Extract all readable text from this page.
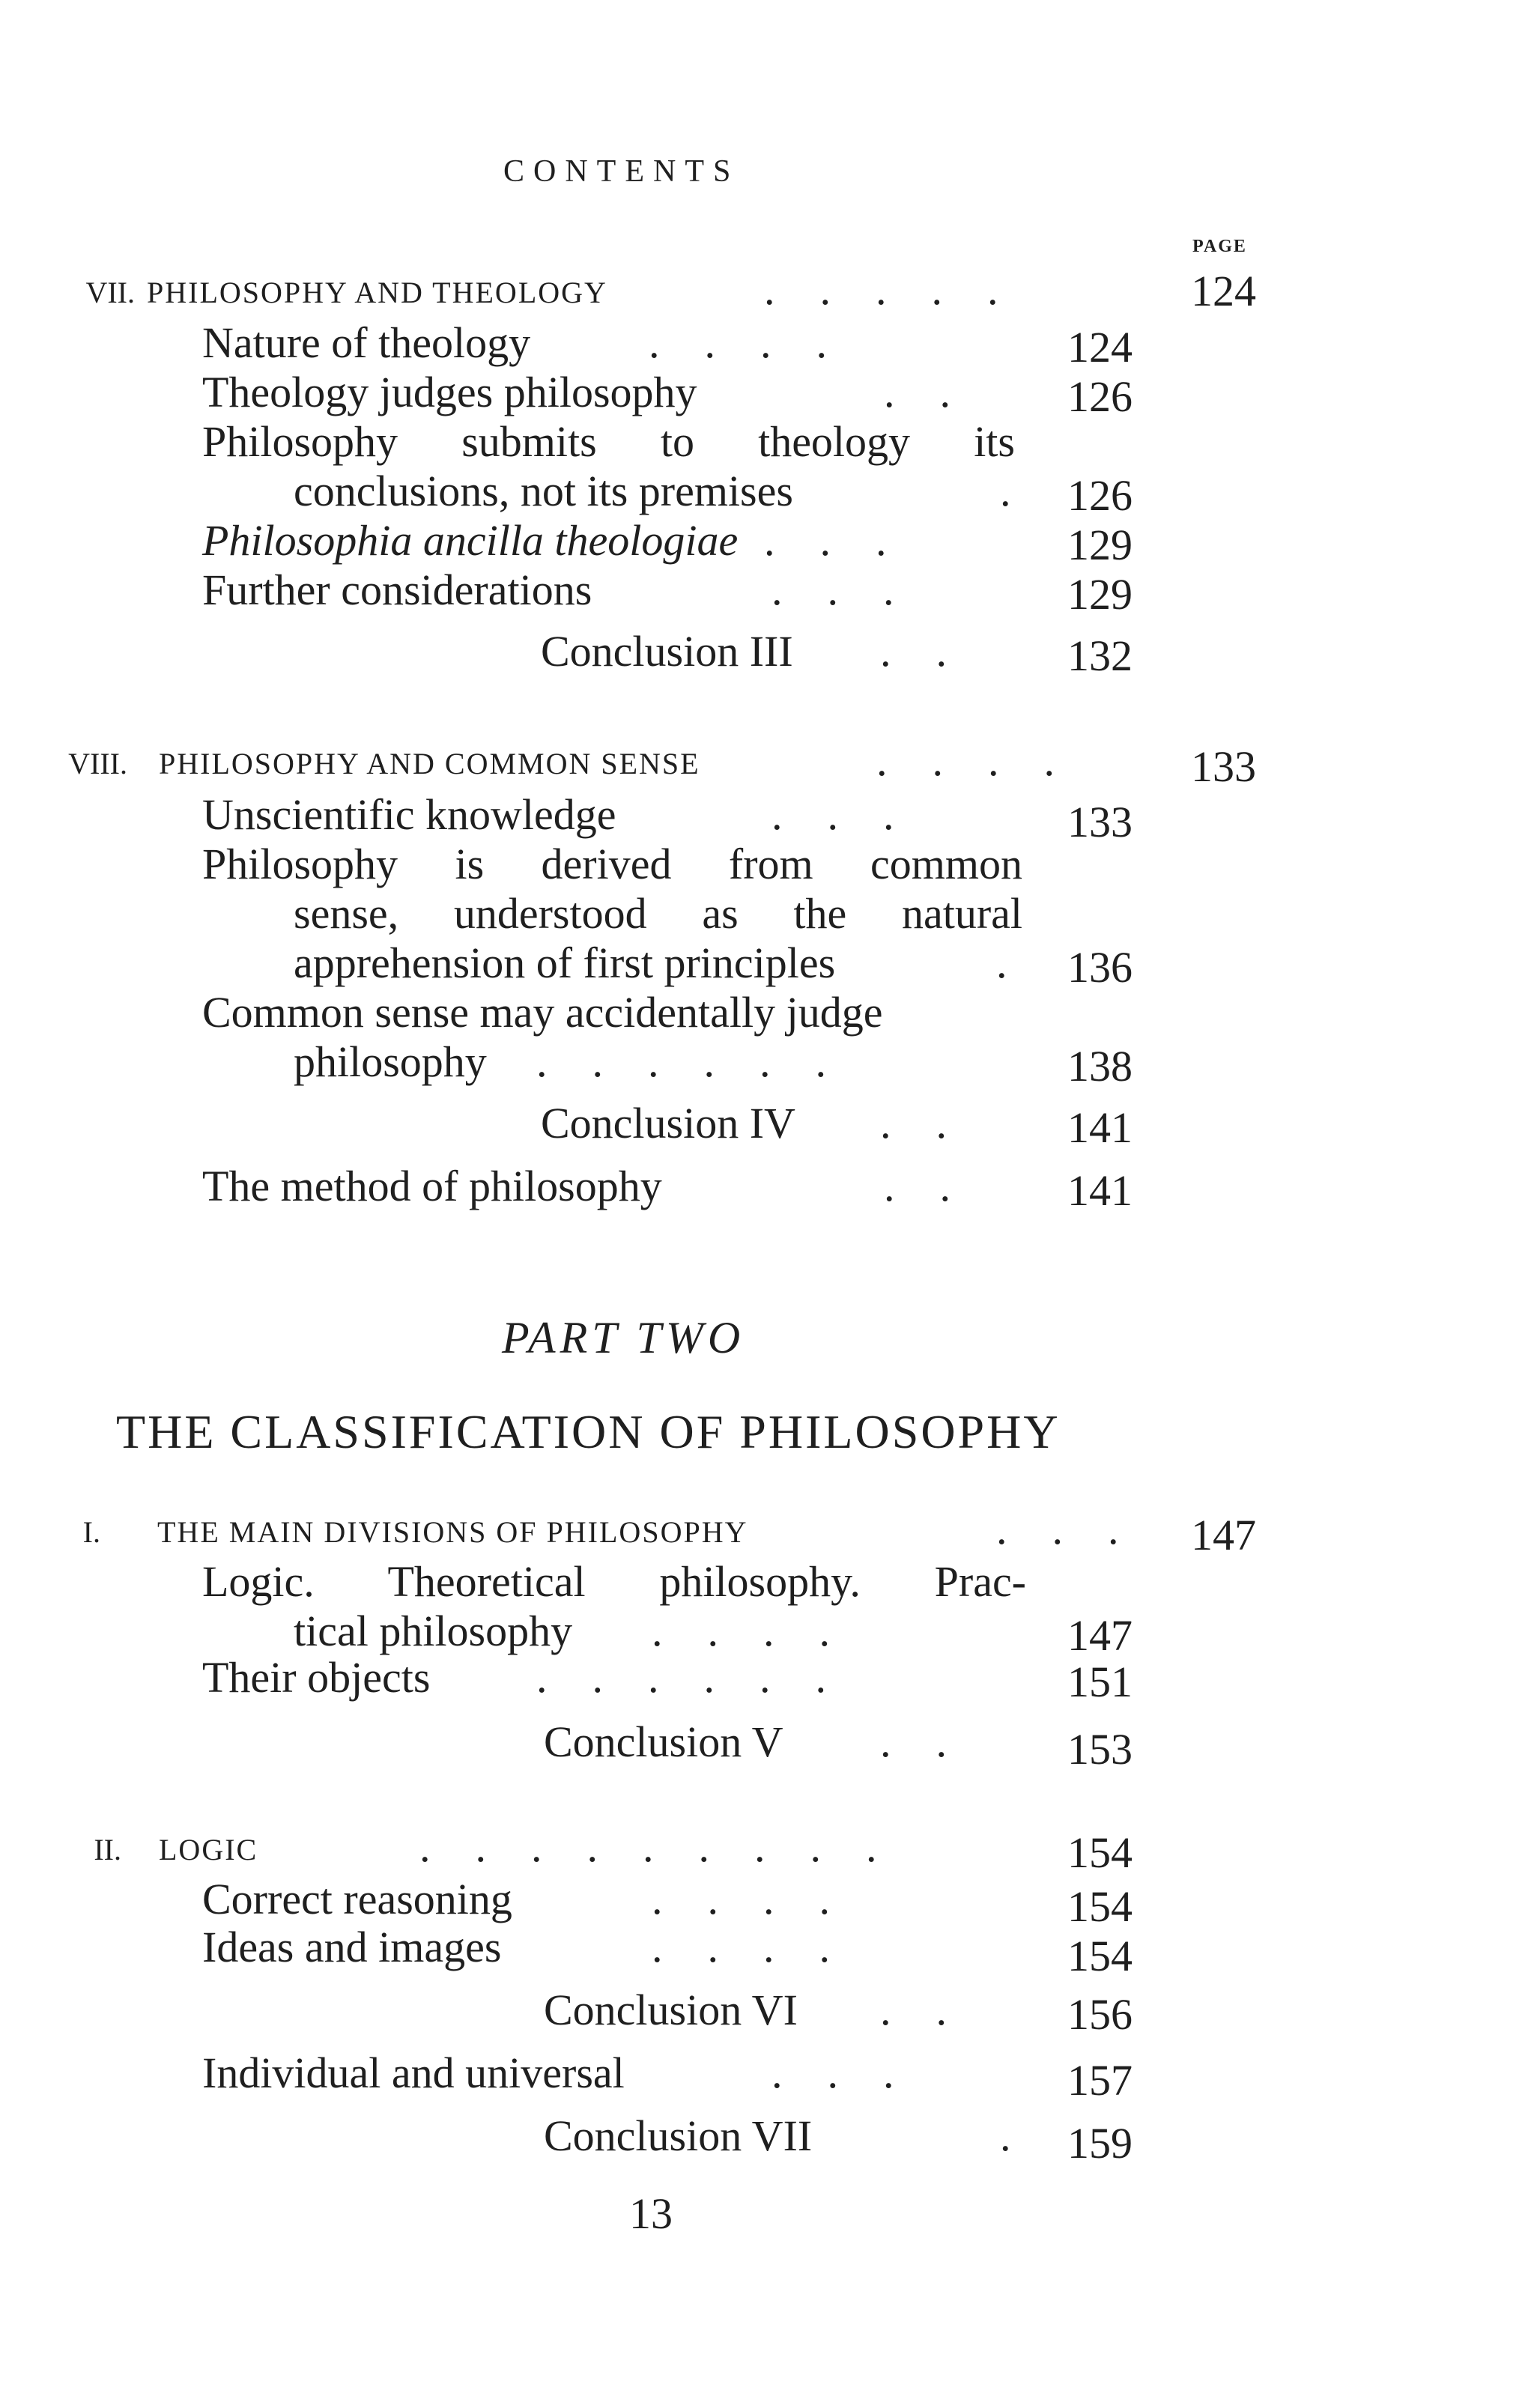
CONTENTS
PAGE
VII. PHILOSOPHY AND THEOLOGY	.....	124
Nature of theology	....	124
Theology judges philosophy	.. 126
Philosophy submits to theology its
conclusions, not its premises	. 126
Philosophia ancilla theologiae ...	129
Further considerations	...	129
Conclusion III .. 132
VIII. PHILOSOPHY AND COMMON SENSE	.... 133
Unscientific knowledge	...	133
Philosophy is derived from common
sense, understood as the natural
apprehension of first principles	. 136
Common sense may accidentally judge
philosophy ......	138
Conclusion IV .. 141
The method of philosophy	.. 141
PART TWO
THE CLASSIFICATION OF PHILOSOPHY
I. THE MAIN DIVISIONS OF PHILOSOPHY	... 147
Logic. Theoretical philosophy. Prac-
tical philosophy ....	147
Their objects ......	151
Conclusion V .. 153
II. LOGIC	.........	154
Correct reasoning	....	154
Ideas and images	....	154
Conclusion VI .. 156
Individual and universal	...	157
Conclusion VII	. 159
13
